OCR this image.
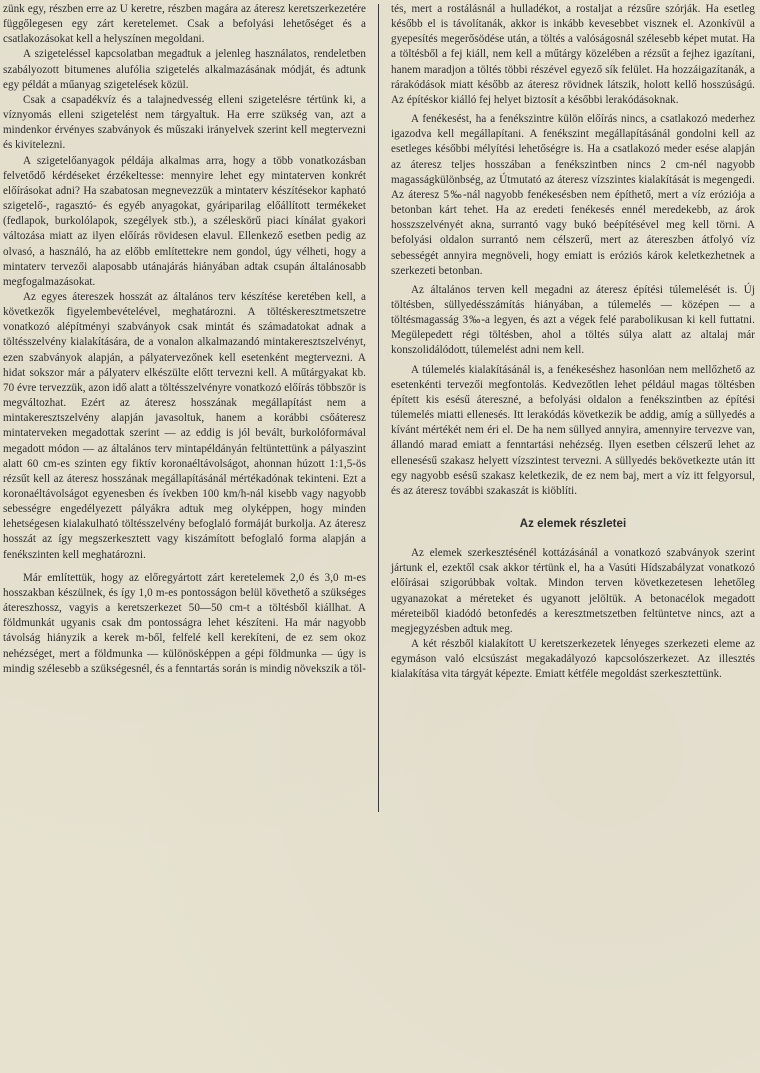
zünk egy, részben erre az U keretre, részben magára az áteresz keretszerkezetére függőlegesen egy zárt keretelemet. Csak a befolyási lehetőséget és a csatlakozásokat kell a helyszínen megoldani.

A szigeteléssel kapcsolatban megadtuk a jelenleg használatos, rendeletben szabályozott bitumenes alufólia szigetelés alkalmazásának módját, és adtunk egy példát a műanyag szigetelések közül.

Csak a csapadékvíz és a talajnedvesség elleni szigetelésre tértünk ki, a víznyomás elleni szigetelést nem tárgyaltuk. Ha erre szükség van, azt a mindenkor érvényes szabványok és műszaki irányelvek szerint kell megtervezni és kivitelezni.

A szigetelőanyagok példája alkalmas arra, hogy a több vonatkozásban felvetődő kérdéseket érzékeltesse: mennyire lehet egy mintaterven konkrét előírásokat adni? Ha szabatosan megnevezzük a mintaterv készítésekor kapható szigetelő-, ragasztó- és egyéb anyagokat, gyáriparilag előállított termékeket (fedlapok, burkolólapok, szegélyek stb.), a széleskörű piaci kínálat gyakori változása miatt az ilyen előírás rövidesen elavul. Ellenkező esetben pedig az olvasó, a használó, ha az előbb említettekre nem gondol, úgy vélheti, hogy a mintaterv tervezői alaposabb utánajárás hiányában adtak csupán általánosabb megfogalmazásokat.

Az egyes átereszek hosszát az általános terv készítése keretében kell, a következők figyelembevételével, meghatározni. A töltéskeresztmetszetre vonatkozó alépítményi szabványok csak mintát és számadatokat adnak a töltésszelvény kialakítására, de a vonalon alkalmazandó mintakeresztszelvényt, ezen szabványok alapján, a pályatervezőnek kell esetenként megtervezni. A hidat sokszor már a pályaterv elkészülte előtt tervezni kell. A műtárgyakat kb. 70 évre tervezzük, azon idő alatt a töltésszelvényre vonatkozó előírás többször is megváltozhat. Ezért az áteresz hosszának megállapítást nem a mintakeresztszelvény alapján javasoltuk, hanem a korábbi csőáteresz mintaterveken megadottak szerint — az eddig is jól bevált, burkolóformával megadott módon — az általános terv mintapéldányán feltüntettünk a pályaszint alatt 60 cm-es szinten egy fiktív koronaéltávolságot, ahonnan húzott 1:1,5-ös rézsűt kell az áteresz hosszának megállapításánál mértékadónak tekinteni. Ezt a koronaéltávolságot egyenesben és ívekben 100 km/h-nál kisebb vagy nagyobb sebességre engedélyezett pályákra adtuk meg olyképpen, hogy minden lehetségesen kialakulható töltésszelvény befoglaló formáját burkolja. Az áteresz hosszát az így megszerkesztett vagy kiszámított befoglaló forma alapján a fenékszinten kell meghatározni.

Már említettük, hogy az előregyártott zárt keretelemek 2,0 és 3,0 m-es hosszakban készülnek, és így 1,0 m-es pontosságon belül követhető a szükséges átereszhossz, vagyis a keretszerkezet 50—50 cm-t a töltésből kiállhat. A földmunkát ugyanis csak dm pontosságra lehet készíteni. Ha már nagyobb távolság hiányzik a kerek m-ből, felfelé kell kerekíteni, de ez sem okoz nehézséget, mert a földmunka — különösképpen a gépi földmunka — úgy is mindig szélesebb a szükségesnél, és a fenntartás során is mindig növekszik a töl-

tés, mert a rostálásnál a hulladékot, a rostaljat a rézsűre szórják. Ha esetleg később el is távolítanák, akkor is inkább kevesebbet visznek el. Azonkívül a gyepesítés megerősödése után, a töltés a valóságosnál szélesebb képet mutat. Ha a töltésből a fej kiáll, nem kell a műtárgy közelében a rézsűt a fejhez igazítani, hanem maradjon a töltés többi részével egyező sík felület. Ha hozzáigazítanák, a rárakódások miatt később az áteresz rövidnek látszik, holott kellő hosszúságú. Az építéskor kiálló fej helyet biztosít a későbbi lerakódásoknak.

A fenékesést, ha a fenékszintre külön előírás nincs, a csatlakozó mederhez igazodva kell megállapítani. A fenékszint megállapításánál gondolni kell az esetleges későbbi mélyítési lehetőségre is. Ha a csatlakozó meder esése alapján az áteresz teljes hosszában a fenékszintben nincs 2 cm-nél nagyobb magasságkülönbség, az Útmutató az áteresz vízszintes kialakítását is megengedi. Az áteresz 5‰-nál nagyobb fenékesésben nem építhető, mert a víz eróziója a betonban kárt tehet. Ha az eredeti fenékesés ennél meredekebb, az árok hosszszelvényét akna, surrantó vagy bukó beépítésével meg kell törni. A befolyási oldalon surrantó nem célszerű, mert az átereszben átfolyó víz sebességét annyira megnöveli, hogy emiatt is eróziós károk keletkezhetnek a szerkezeti betonban.

Az általános terven kell megadni az áteresz építési túlemelését is. Új töltésben, süllyedésszámítás hiányában, a túlemelés — középen — a töltésmagasság 3‰-a legyen, és azt a végek felé parabolikusan ki kell futtatni. Megülepedett régi töltésben, ahol a töltés súlya alatt az altalaj már konszolidálódott, túlemelést adni nem kell.

A túlemelés kialakításánál is, a fenékeséshez hasonlóan nem mellőzhető az esetenkénti tervezői megfontolás. Kedvezőtlen lehet például magas töltésben épített kis esésű átereszné, a befolyási oldalon a fenékszintben az építési túlemelés miatti ellenesés. Itt lerakódás következik be addig, amíg a süllyedés a kívánt mértékét nem éri el. De ha nem süllyed annyira, amennyire tervezve van, állandó marad emiatt a fenntartási nehézség. Ilyen esetben célszerű lehet az ellenesésű szakasz helyett vízszintest tervezni. A süllyedés bekövetkezte után itt egy nagyobb esésű szakasz keletkezik, de ez nem baj, mert a víz itt felgyorsul, és az áteresz további szakaszát is kiöblíti.

Az elemek részletei

Az elemek szerkesztésénél kottázásánál a vonatkozó szabványok szerint jártunk el, ezektől csak akkor tértünk el, ha a Vasúti Hídszabályzat vonatkozó előírásai szigorúbbak voltak. Mindon terven következetesen lehetőleg ugyanazokat a méreteket és ugyanott jelöltük. A betonacélok megadott méreteiből kiadódó betonfedés a keresztmetszetben feltüntetve nincs, azt a megjegyzésben adtuk meg.

A két részből kialakított U keretszerkezetek lényeges szerkezeti eleme az egymáson való elcsúszást megakadályozó kapcsolószerkezet. Az illesztés kialakítása vita tárgyát képezte. Emiatt kétféle megoldást szerkesztettünk.
